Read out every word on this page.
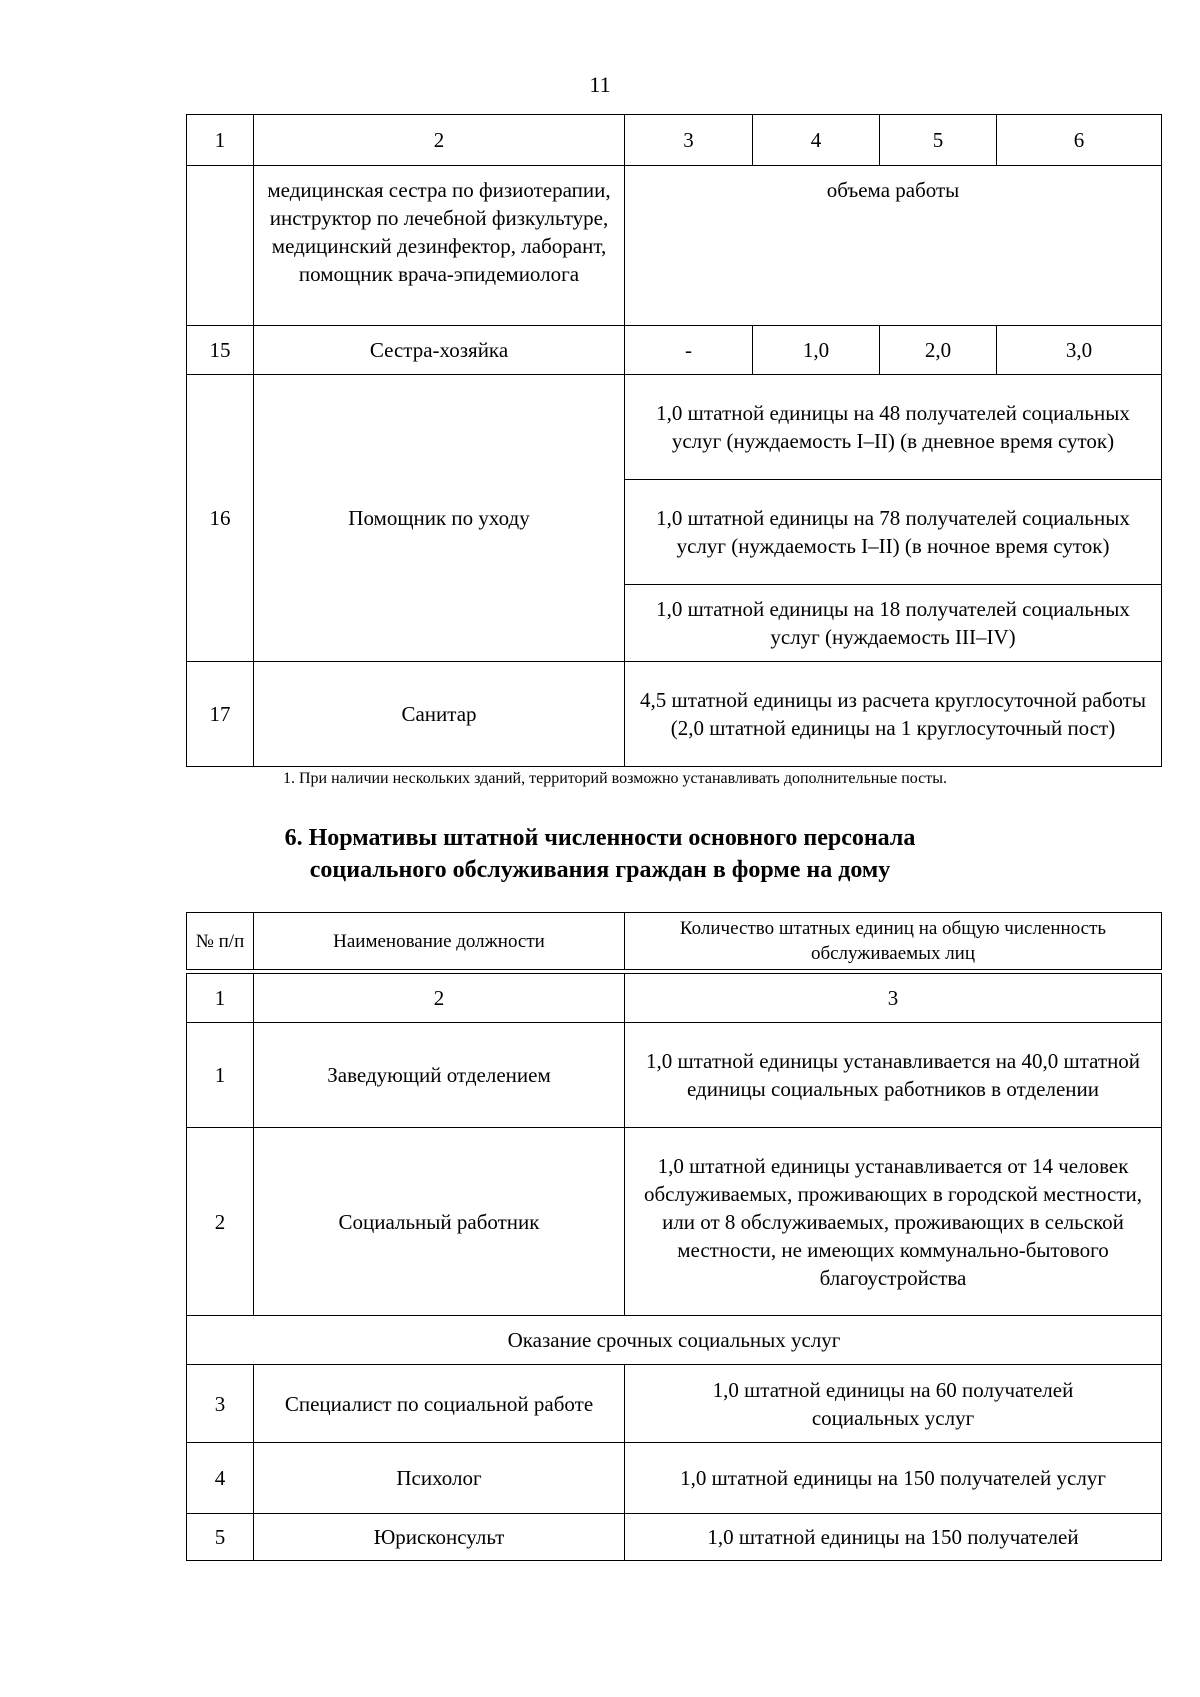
11
1	2	3	4	5	6
	медицинская сестра по физиотерапии, инструктор по лечебной физкультуре, медицинский дезинфектор, лаборант, помощник врача-эпидемиолога	объема работы			
15	Сестра-хозяйка	-	1,0	2,0	3,0
16	Помощник по уходу	1,0 штатной единицы на 48 получателей социальных услуг (нуждаемость I–II) (в дневное время суток)			
		1,0 штатной единицы на 78 получателей социальных услуг (нуждаемость I–II) (в ночное время суток)			
		1,0 штатной единицы на 18 получателей социальных услуг (нуждаемость III–IV)			
17	Санитар	4,5 штатной единицы из расчета круглосуточной работы (2,0 штатной единицы на 1 круглосуточный пост)			
1. При наличии нескольких зданий, территорий возможно устанавливать дополнительные посты.
6. Нормативы штатной численности основного персонала
социального обслуживания граждан в форме на дому
№ п/п	Наименование должности	Количество штатных единиц на общую численность обслуживаемых лиц
1	2	3
1	Заведующий отделением	1,0 штатной единицы устанавливается на 40,0 штатной единицы социальных работников в отделении
2	Социальный работник	1,0 штатной единицы устанавливается от 14 человек обслуживаемых, проживающих в городской местности, или от 8 обслуживаемых, проживающих в сельской местности, не имеющих коммунально-бытового благоустройства
Оказание срочных социальных услуг		
3	Специалист по социальной работе	1,0 штатной единицы на 60 получателей социальных услуг
4	Психолог	1,0 штатной единицы на 150 получателей услуг
5	Юрисконсульт	1,0 штатной единицы на 150 получателей
